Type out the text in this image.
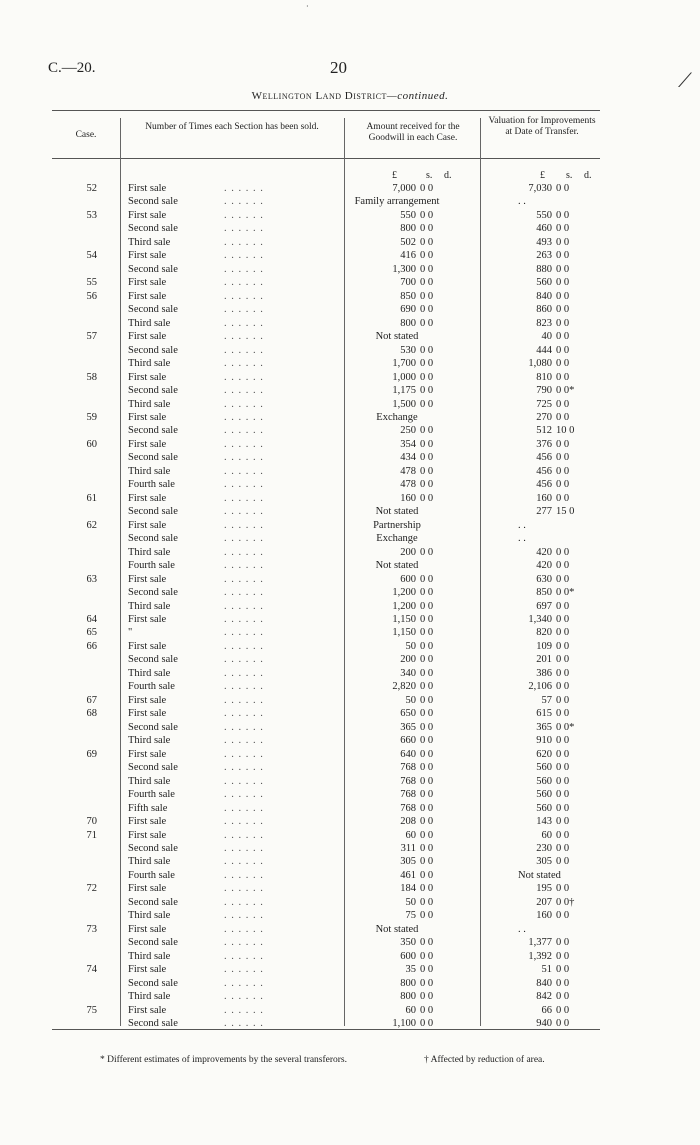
·
C.—20.	20
⟋
Wellington Land District—continued.
Case.
Number of Times each Section has been sold.	Amount received for the Goodwill in each Case.
Valuation for Improvements at Date of Transfer.
£	s. d.	£ s. d.
52	First sale	. . . . . .	7,000 0 0	7,030 0 0
Second sale	. . . . . .	Family arrangement	. .
53	First sale	. . . . . .	550 0 0	550 0 0
Second sale	. . . . . .	800 0 0	460 0 0
Third sale	. . . . . .	502 0 0	493 0 0
54	First sale	. . . . . .	416 0 0	263 0 0
Second sale	. . . . . .	1,300 0 0	880 0 0
55	First sale	. . . . . .	700 0 0	560 0 0
56	First sale	. . . . . .	850 0 0	840 0 0
Second sale	. . . . . .	690 0 0	860 0 0
Third sale	. . . . . .	800 0 0	823 0 0
57	First sale	. . . . . .	Not stated	40 0 0
Second sale	. . . . . .	530 0 0	444 0 0
Third sale	. . . . . .	1,700 0 0	1,080 0 0
58	First sale	. . . . . .	1,000 0 0	810 0 0
Second sale	. . . . . .	1,175 0 0	790 0 0*
Third sale	. . . . . .	1,500 0 0	725 0 0
59	First sale	. . . . . .	Exchange	270 0 0
Second sale	. . . . . .	250 0 0	512 10 0
60	First sale	. . . . . .	354 0 0	376 0 0
Second sale	. . . . . .	434 0 0	456 0 0
Third sale	. . . . . .	478 0 0	456 0 0
Fourth sale	. . . . . .	478 0 0	456 0 0
61	First sale	. . . . . .	160 0 0	160 0 0
Second sale	. . . . . .	Not stated	277 15 0
62	First sale	. . . . . .	Partnership	. .
Second sale	. . . . . .	Exchange	. .
Third sale	. . . . . .	200 0 0	420 0 0
Fourth sale	. . . . . .	Not stated	420 0 0
63	First sale	. . . . . .	600 0 0	630 0 0
Second sale	. . . . . .	1,200 0 0	850 0 0*
Third sale	. . . . . .	1,200 0 0	697 0 0
64	First sale	. . . . . .	1,150 0 0	1,340 0 0
65	"	. . . . . .	1,150 0 0	820 0 0
66	First sale	. . . . . .	50 0 0	109 0 0
Second sale	. . . . . .	200 0 0	201 0 0
Third sale	. . . . . .	340 0 0	386 0 0
Fourth sale	. . . . . .	2,820 0 0	2,106 0 0
67	First sale	. . . . . .	50 0 0	57 0 0
68	First sale	. . . . . .	650 0 0	615 0 0
Second sale	. . . . . .	365 0 0	365 0 0*
Third sale	. . . . . .	660 0 0	910 0 0
69	First sale	. . . . . .	640 0 0	620 0 0
Second sale	. . . . . .	768 0 0	560 0 0
Third sale	. . . . . .	768 0 0	560 0 0
Fourth sale	. . . . . .	768 0 0	560 0 0
Fifth sale	. . . . . .	768 0 0	560 0 0
70	First sale	. . . . . .	208 0 0	143 0 0
71	First sale	. . . . . .	60 0 0	60 0 0
Second sale	. . . . . .	311 0 0	230 0 0
Third sale	. . . . . .	305 0 0	305 0 0
Fourth sale	. . . . . .	461 0 0	Not stated
72	First sale	. . . . . .	184 0 0	195 0 0
Second sale	. . . . . .	50 0 0	207 0 0†
Third sale	. . . . . .	75 0 0	160 0 0
73	First sale	. . . . . .	Not stated	. .
Second sale	. . . . . .	350 0 0	1,377 0 0
Third sale	. . . . . .	600 0 0	1,392 0 0
74	First sale	. . . . . .	35 0 0	51 0 0
Second sale	. . . . . .	800 0 0	840 0 0
Third sale	. . . . . .	800 0 0	842 0 0
75	First sale	. . . . . .	60 0 0	66 0 0
Second sale	. . . . . .	1,100 0 0	940 0 0
* Different estimates of improvements by the several transferors.	† Affected by reduction of area.
